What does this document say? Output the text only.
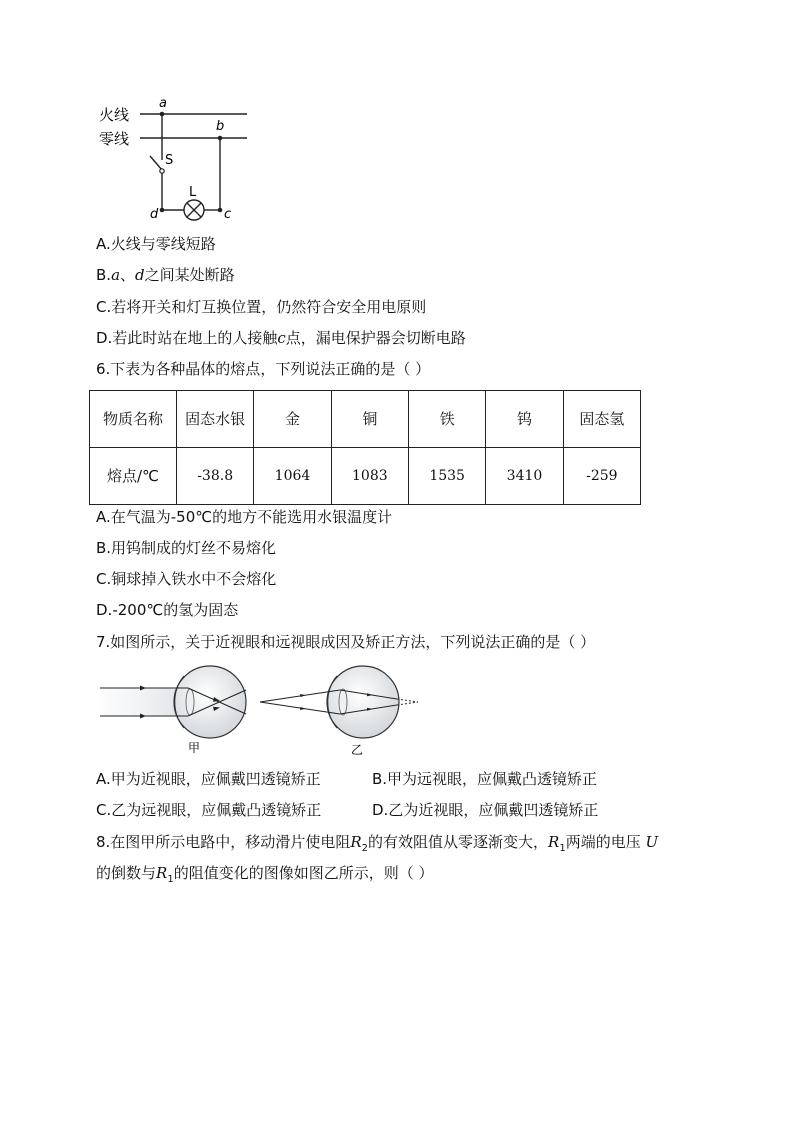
火线
零线
a
b
d	c
S
L
A.火线与零线短路
B.a、d之间某处断路
C.若将开关和灯互换位置，仍然符合安全用电原则
D.若此时站在地上的人接触c点，漏电保护器会切断电路
6.下表为各种晶体的熔点，下列说法正确的是（ ）
物质名称	固态水银	金	铜	铁	钨	固态氢
熔点/℃	-38.8	1064	1083	1535	3410	-259
A.在气温为-50℃的地方不能选用水银温度计
B.用钨制成的灯丝不易熔化
C.铜球掉入铁水中不会熔化
D.-200℃的氢为固态
7.如图所示，关于近视眼和远视眼成因及矫正方法，下列说法正确的是（ ）
甲	乙
A.甲为近视眼，应佩戴凹透镜矫正	B.甲为远视眼，应佩戴凸透镜矫正
C.乙为远视眼，应佩戴凸透镜矫正	D.乙为近视眼，应佩戴凹透镜矫正
8.在图甲所示电路中，移动滑片使电阻$R_2$的有效阻值从零逐渐变大，$R_1$两端的电压 U
的倒数与$R_1$的阻值变化的图像如图乙所示，则（ ）
